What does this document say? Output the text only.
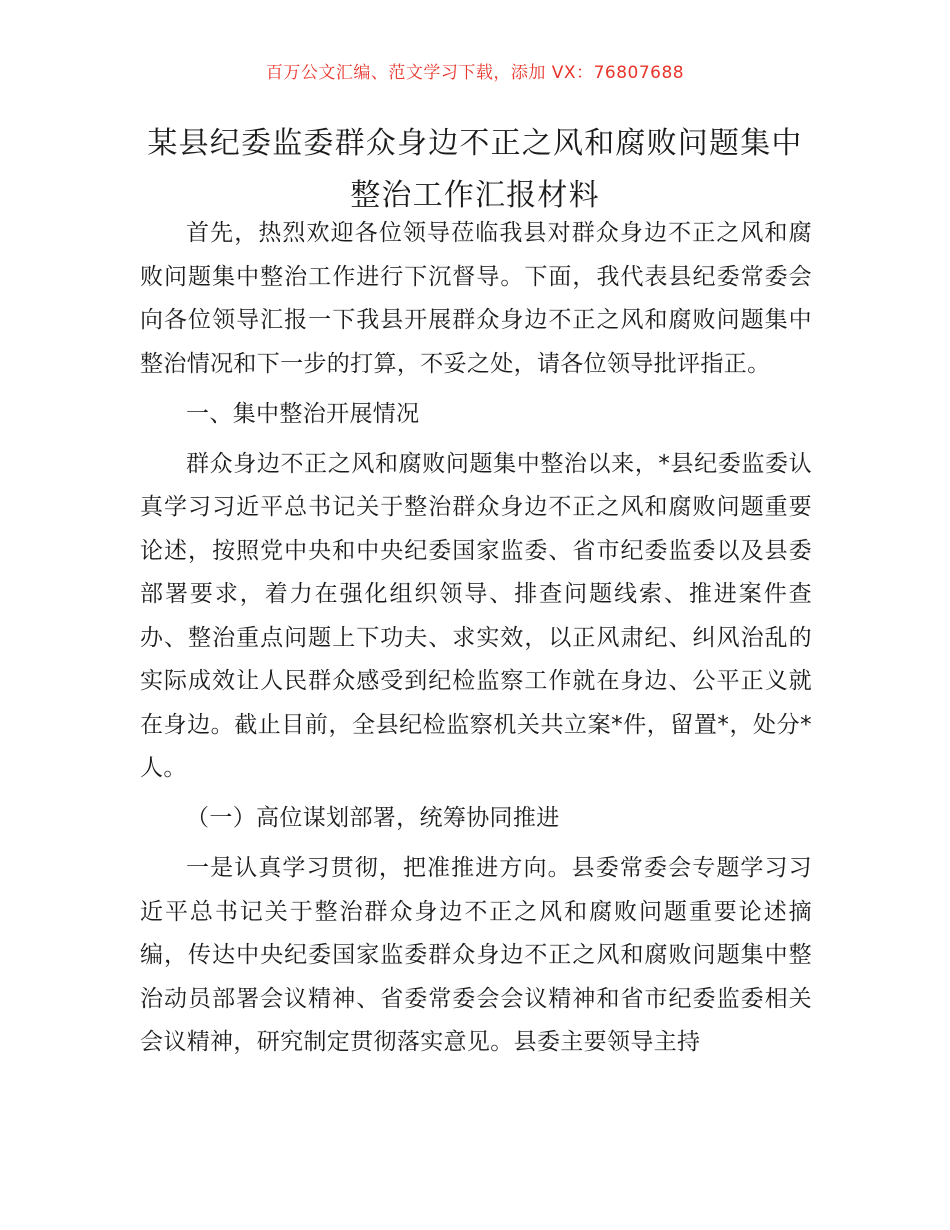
百万公文汇编、范文学习下载，添加 VX：76807688
某县纪委监委群众身边不正之风和腐败问题集中整治工作汇报材料

首先，热烈欢迎各位领导莅临我县对群众身边不正之风和腐败问题集中整治工作进行下沉督导。下面，我代表县纪委常委会向各位领导汇报一下我县开展群众身边不正之风和腐败问题集中整治情况和下一步的打算，不妥之处，请各位领导批评指正。

一、集中整治开展情况

群众身边不正之风和腐败问题集中整治以来，*县纪委监委认真学习习近平总书记关于整治群众身边不正之风和腐败问题重要论述，按照党中央和中央纪委国家监委、省市纪委监委以及县委部署要求，着力在强化组织领导、排查问题线索、推进案件查办、整治重点问题上下功夫、求实效，以正风肃纪、纠风治乱的实际成效让人民群众感受到纪检监察工作就在身边、公平正义就在身边。截止目前，全县纪检监察机关共立案*件，留置*，处分*人。

（一）高位谋划部署，统筹协同推进

一是认真学习贯彻，把准推进方向。县委常委会专题学习习近平总书记关于整治群众身边不正之风和腐败问题重要论述摘编，传达中央纪委国家监委群众身边不正之风和腐败问题集中整治动员部署会议精神、省委常委会会议精神和省市纪委监委相关会议精神，研究制定贯彻落实意见。县委主要领导主持
